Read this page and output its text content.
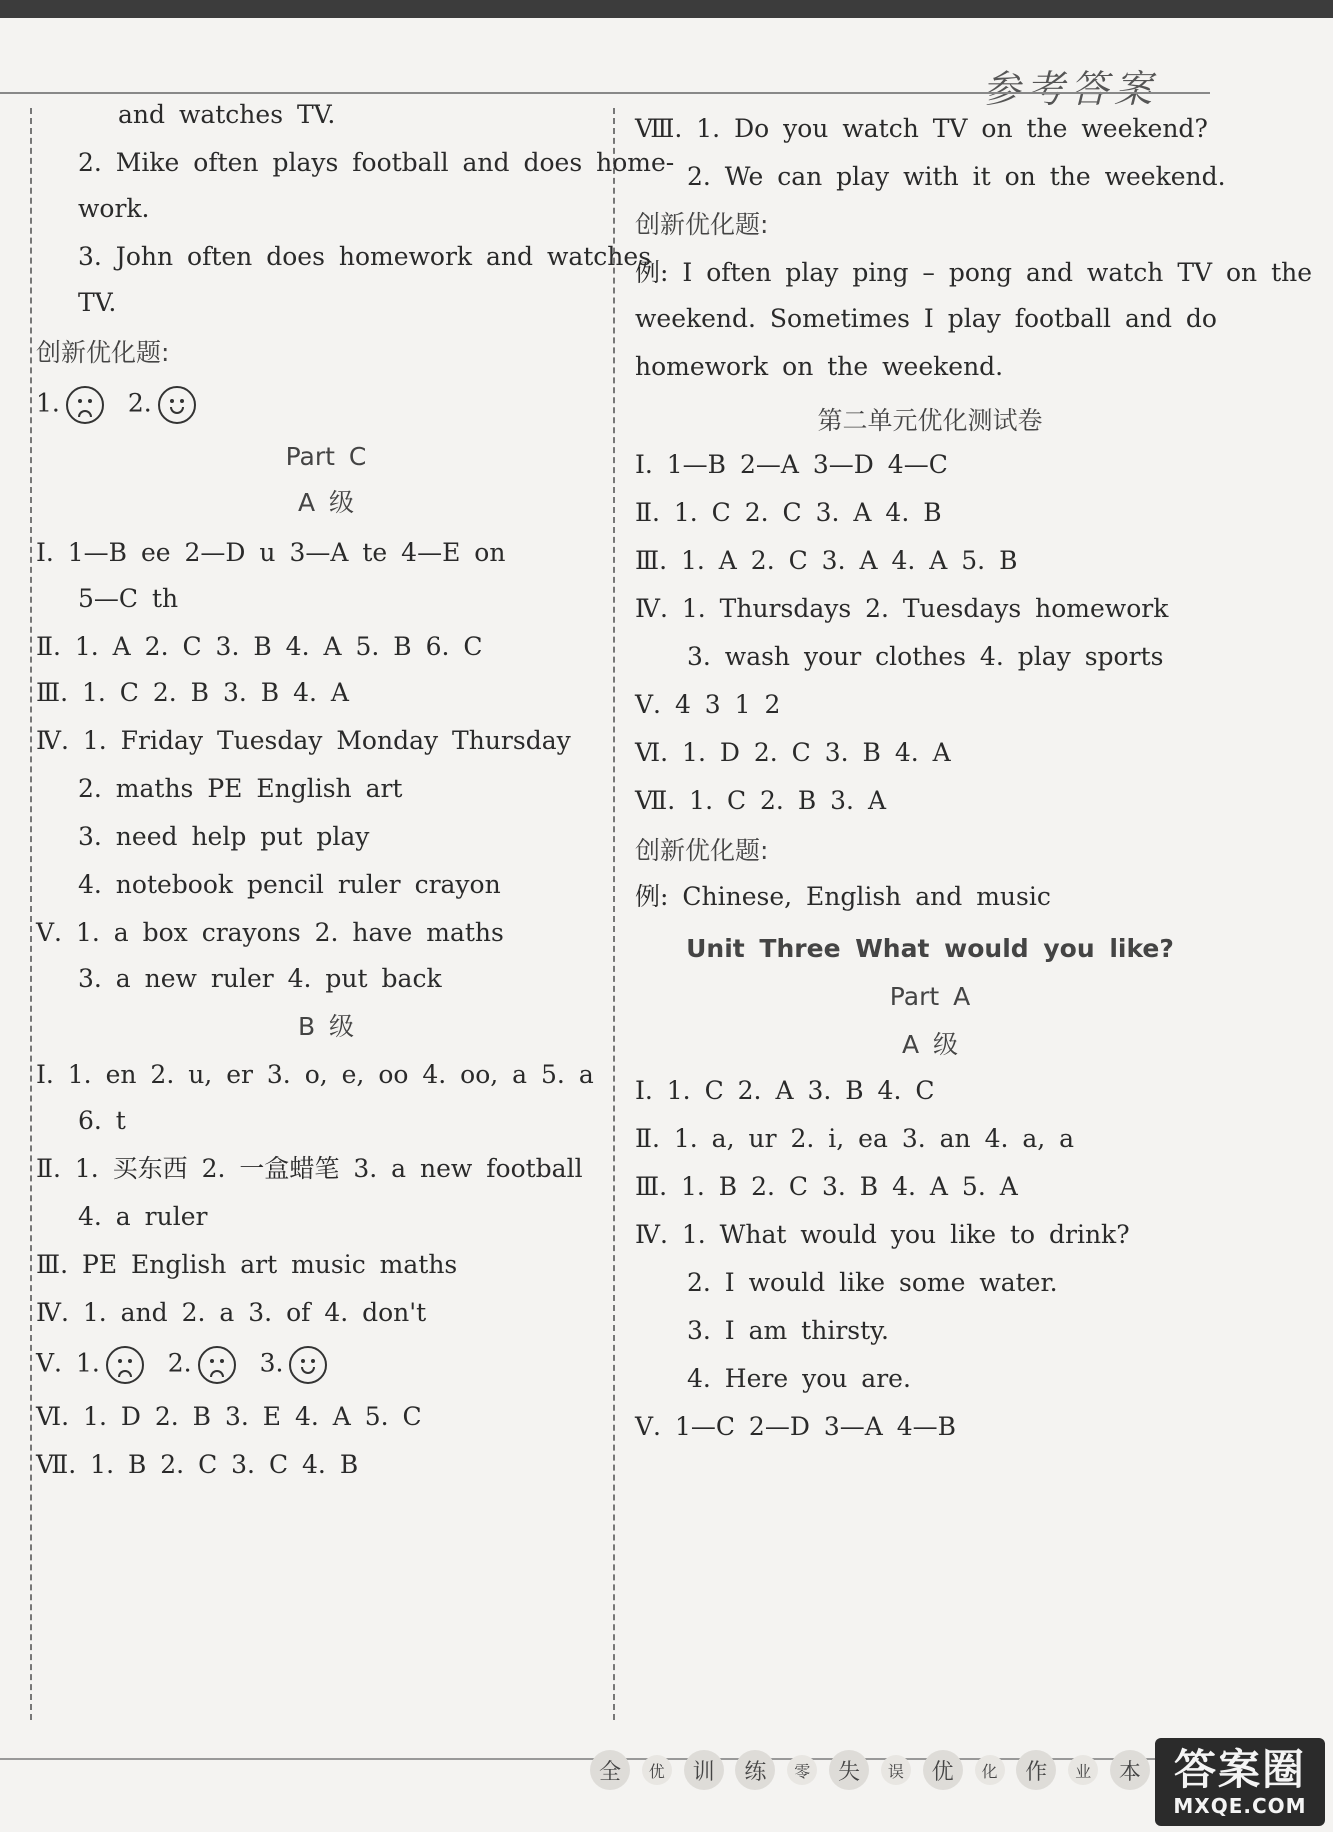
参考答案
and watches TV.
2. Mike often plays football and does home-
work.
3. John often does homework and watches
TV.
创新优化题:
1.	2.
Part C
A 级
Ⅰ. 1—B ee 2—D u 3—A te 4—E on
5—C th
Ⅱ. 1. A 2. C 3. B 4. A 5. B 6. C
Ⅲ. 1. C 2. B 3. B 4. A
Ⅳ. 1. Friday Tuesday Monday Thursday
2. maths PE English art
3. need help put play
4. notebook pencil ruler crayon
Ⅴ. 1. a box crayons 2. have maths
3. a new ruler 4. put back
B 级
Ⅰ. 1. en 2. u, er 3. o, e, oo 4. oo, a 5. a
6. t
Ⅱ. 1. 买东西 2. 一盒蜡笔 3. a new football
4. a ruler
Ⅲ. PE English art music maths
Ⅳ. 1. and 2. a 3. of 4. don't
Ⅴ. 1.	2.	3.
Ⅵ. 1. D 2. B 3. E 4. A 5. C
Ⅶ. 1. B 2. C 3. C 4. B
Ⅷ. 1. Do you watch TV on the weekend?
2. We can play with it on the weekend.
创新优化题:
例: I often play ping – pong and watch TV on the
weekend. Sometimes I play football and do
homework on the weekend.
第二单元优化测试卷
Ⅰ. 1—B 2—A 3—D 4—C
Ⅱ. 1. C 2. C 3. A 4. B
Ⅲ. 1. A 2. C 3. A 4. A 5. B
Ⅳ. 1. Thursdays 2. Tuesdays homework
3. wash your clothes 4. play sports
Ⅴ. 4 3 1 2
Ⅵ. 1. D 2. C 3. B 4. A
Ⅶ. 1. C 2. B 3. A
创新优化题:
例: Chinese, English and music
Unit Three What would you like?
Part A
A 级
Ⅰ. 1. C 2. A 3. B 4. C
Ⅱ. 1. a, ur 2. i, ea 3. an 4. a, a
Ⅲ. 1. B 2. C 3. B 4. A 5. A
Ⅳ. 1. What would you like to drink?
2. I would like some water.
3. I am thirsty.
4. Here you are.
Ⅴ. 1—C 2—D 3—A 4—B
全	优	训	练	零	失	误	优	化	作	业	本 答案圈
MXQE.COM
